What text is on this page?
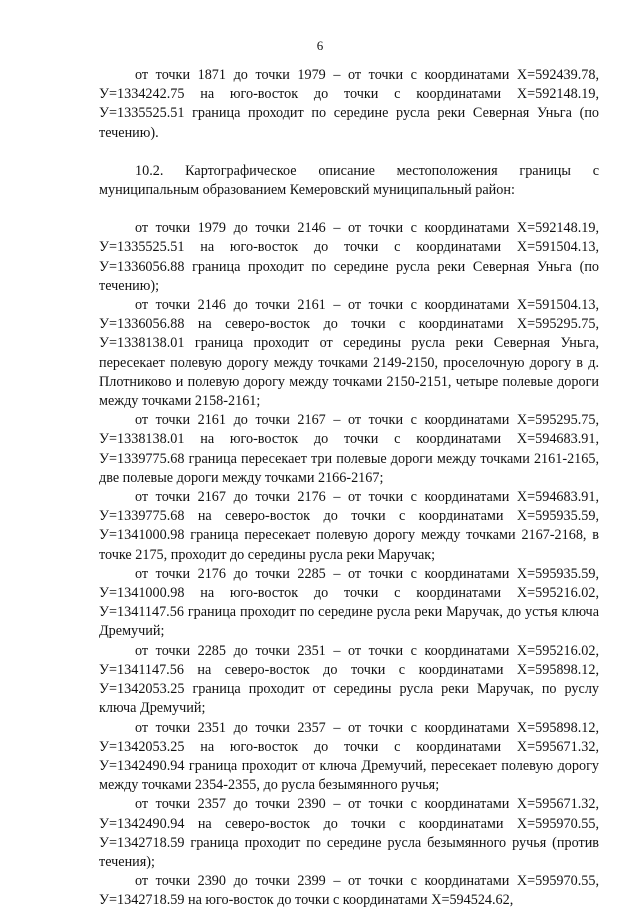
6

от точки 1871 до точки 1979 – от точки с координатами X=592439.78, У=1334242.75 на юго-восток до точки с координатами X=592148.19, У=1335525.51 граница проходит по середине русла реки Северная Уньга (по течению).

10.2. Картографическое описание местоположения границы с муниципальным образованием Кемеровский муниципальный район:

от точки 1979 до точки 2146 – от точки с координатами X=592148.19, У=1335525.51 на юго-восток до точки с координатами X=591504.13, У=1336056.88 граница проходит по середине русла реки Северная Уньга (по течению);

от точки 2146 до точки 2161 – от точки с координатами X=591504.13, У=1336056.88 на северо-восток до точки с координатами X=595295.75, У=1338138.01 граница проходит от середины русла реки Северная Уньга, пересекает полевую дорогу между точками 2149-2150, проселочную дорогу в д. Плотниково и полевую дорогу между точками 2150-2151, четыре полевые дороги между точками 2158-2161;

от точки 2161 до точки 2167 – от точки с координатами X=595295.75, У=1338138.01 на юго-восток до точки с координатами X=594683.91, У=1339775.68 граница пересекает три полевые дороги между точками 2161-2165, две полевые дороги между точками 2166-2167;

от точки 2167 до точки 2176 – от точки с координатами X=594683.91, У=1339775.68 на северо-восток до точки с координатами X=595935.59, У=1341000.98 граница пересекает полевую дорогу между точками 2167-2168, в точке 2175, проходит до середины русла реки Маручак;

от точки 2176 до точки 2285 – от точки с координатами X=595935.59, У=1341000.98 на юго-восток до точки с координатами X=595216.02, У=1341147.56 граница проходит по середине русла реки Маручак, до устья ключа Дремучий;

от точки 2285 до точки 2351 – от точки с координатами X=595216.02, У=1341147.56 на северо-восток до точки с координатами X=595898.12, У=1342053.25 граница проходит от середины русла реки Маручак, по руслу ключа Дремучий;

от точки 2351 до точки 2357 – от точки с координатами X=595898.12, У=1342053.25 на юго-восток до точки с координатами X=595671.32, У=1342490.94 граница проходит от ключа Дремучий, пересекает полевую дорогу между точками 2354-2355, до русла безымянного ручья;

от точки 2357 до точки 2390 – от точки с координатами X=595671.32, У=1342490.94 на северо-восток до точки с координатами X=595970.55, У=1342718.59 граница проходит по середине русла безымянного ручья (против течения);

от точки 2390 до точки 2399 – от точки с координатами X=595970.55, У=1342718.59 на юго-восток до точки с координатами X=594524.62,
